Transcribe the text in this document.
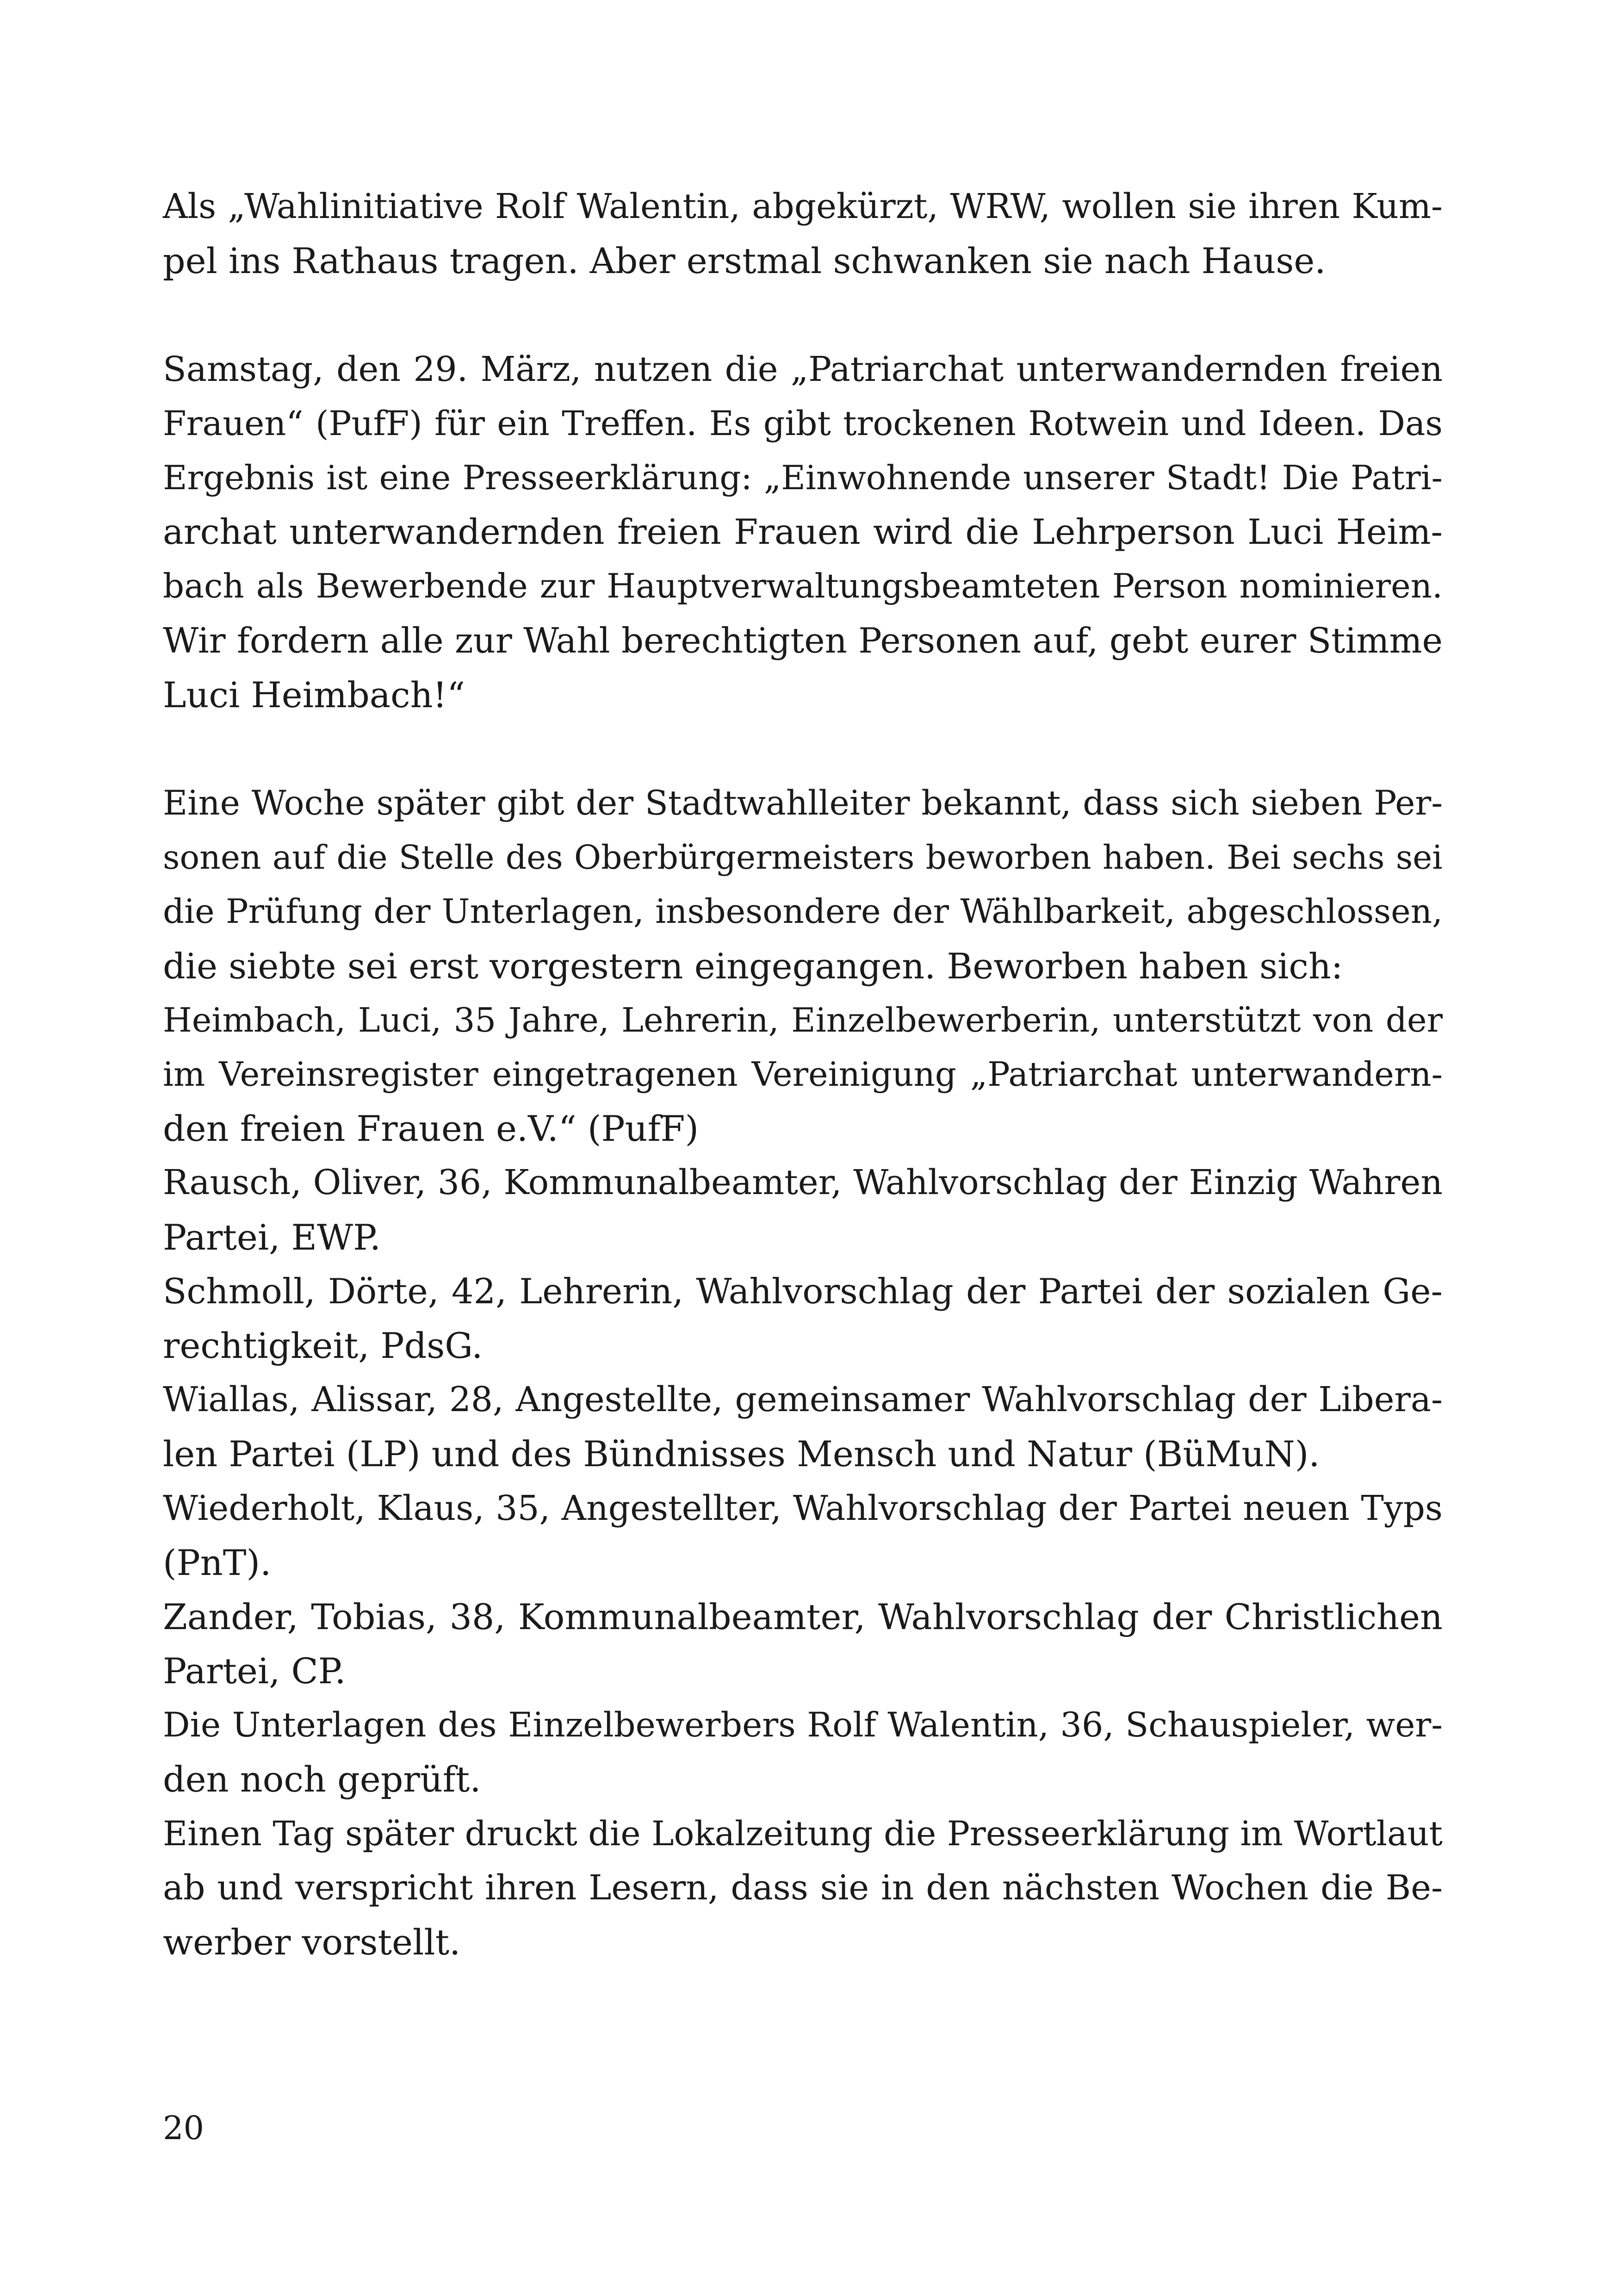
Als „Wahlinitiative Rolf Walentin, abgekürzt, WRW, wollen sie ihren Kum-
pel ins Rathaus tragen. Aber erstmal schwanken sie nach Hause.
Samstag, den 29. März, nutzen die „Patriarchat unterwandernden freien
Frauen“ (PufF) für ein Treffen. Es gibt trockenen Rotwein und Ideen. Das
Ergebnis ist eine Presseerklärung: „Einwohnende unserer Stadt! Die Patri-
archat unterwandernden freien Frauen wird die Lehrperson Luci Heim-
bach als Bewerbende zur Hauptverwaltungsbeamteten Person nominieren.
Wir fordern alle zur Wahl berechtigten Personen auf, gebt eurer Stimme
Luci Heimbach!“
Eine Woche später gibt der Stadtwahlleiter bekannt, dass sich sieben Per-
sonen auf die Stelle des Oberbürgermeisters beworben haben. Bei sechs sei
die Prüfung der Unterlagen, insbesondere der Wählbarkeit, abgeschlossen,
die siebte sei erst vorgestern eingegangen. Beworben haben sich:
Heimbach, Luci, 35 Jahre, Lehrerin, Einzelbewerberin, unterstützt von der
im Vereinsregister eingetragenen Vereinigung „Patriarchat unterwandern-
den freien Frauen e.V.“ (PufF)
Rausch, Oliver, 36, Kommunalbeamter, Wahlvorschlag der Einzig Wahren
Partei, EWP.
Schmoll, Dörte, 42, Lehrerin, Wahlvorschlag der Partei der sozialen Ge-
rechtigkeit, PdsG.
Wiallas, Alissar, 28, Angestellte, gemeinsamer Wahlvorschlag der Libera-
len Partei (LP) und des Bündnisses Mensch und Natur (BüMuN).
Wiederholt, Klaus, 35, Angestellter, Wahlvorschlag der Partei neuen Typs
(PnT).
Zander, Tobias, 38, Kommunalbeamter, Wahlvorschlag der Christlichen
Partei, CP.
Die Unterlagen des Einzelbewerbers Rolf Walentin, 36, Schauspieler, wer-
den noch geprüft.
Einen Tag später druckt die Lokalzeitung die Presseerklärung im Wortlaut
ab und verspricht ihren Lesern, dass sie in den nächsten Wochen die Be-
werber vorstellt.
20
